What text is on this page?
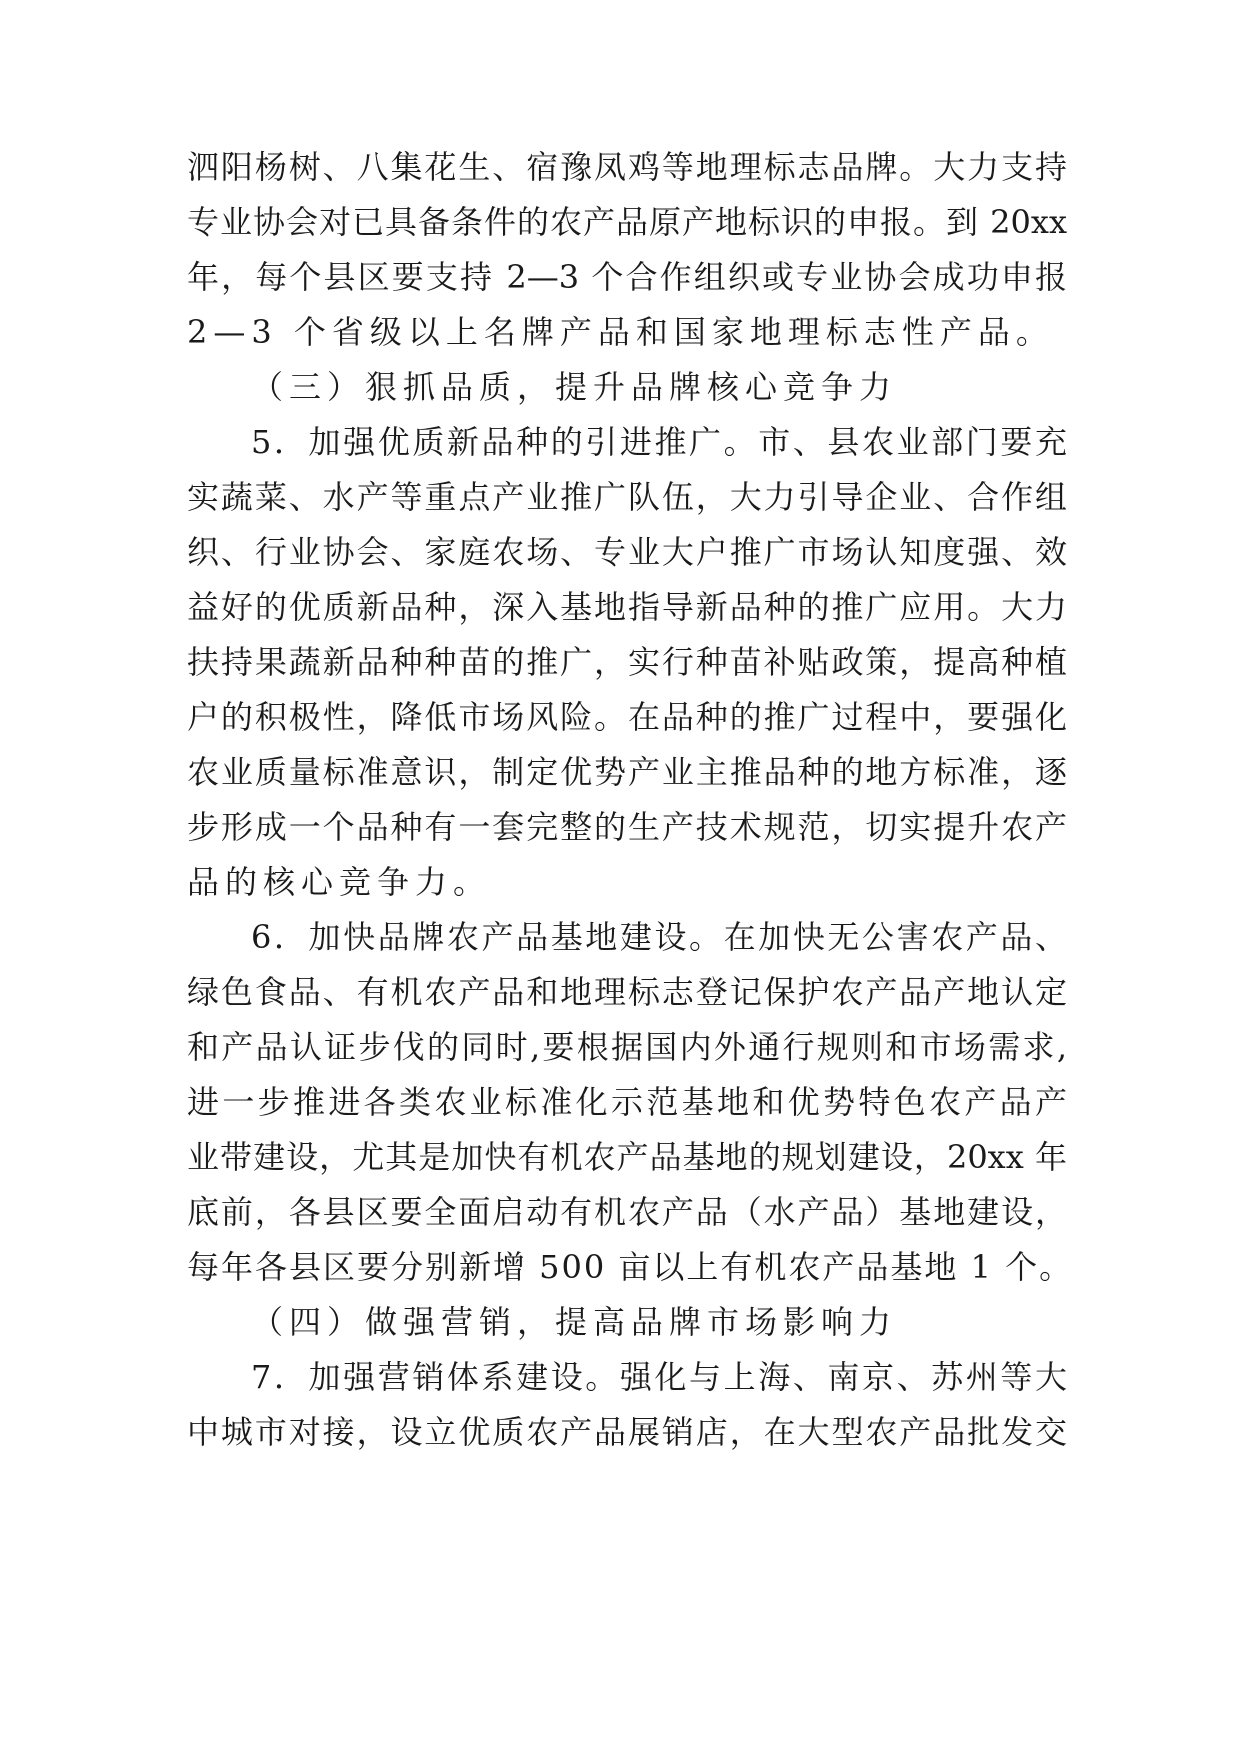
泗阳杨树、八集花生、宿豫凤鸡等地理标志品牌。大力支持
专业协会对已具备条件的农产品原产地标识的申报。到 20xx
年，每个县区要支持 2—3 个合作组织或专业协会成功申报
2—3 个省级以上名牌产品和国家地理标志性产品。
（三）狠抓品质，提升品牌核心竞争力
5．加强优质新品种的引进推广。市、县农业部门要充
实蔬菜、水产等重点产业推广队伍，大力引导企业、合作组
织、行业协会、家庭农场、专业大户推广市场认知度强、效
益好的优质新品种，深入基地指导新品种的推广应用。大力
扶持果蔬新品种种苗的推广，实行种苗补贴政策，提高种植
户的积极性，降低市场风险。在品种的推广过程中，要强化
农业质量标准意识，制定优势产业主推品种的地方标准，逐
步形成一个品种有一套完整的生产技术规范，切实提升农产
品的核心竞争力。
6．加快品牌农产品基地建设。在加快无公害农产品、
绿色食品、有机农产品和地理标志登记保护农产品产地认定
和产品认证步伐的同时,要根据国内外通行规则和市场需求,
进一步推进各类农业标准化示范基地和优势特色农产品产
业带建设，尤其是加快有机农产品基地的规划建设，20xx 年
底前，各县区要全面启动有机农产品（水产品）基地建设，
每年各县区要分别新增 500 亩以上有机农产品基地 1 个。
（四）做强营销，提高品牌市场影响力
7．加强营销体系建设。强化与上海、南京、苏州等大
中城市对接，设立优质农产品展销店，在大型农产品批发交
